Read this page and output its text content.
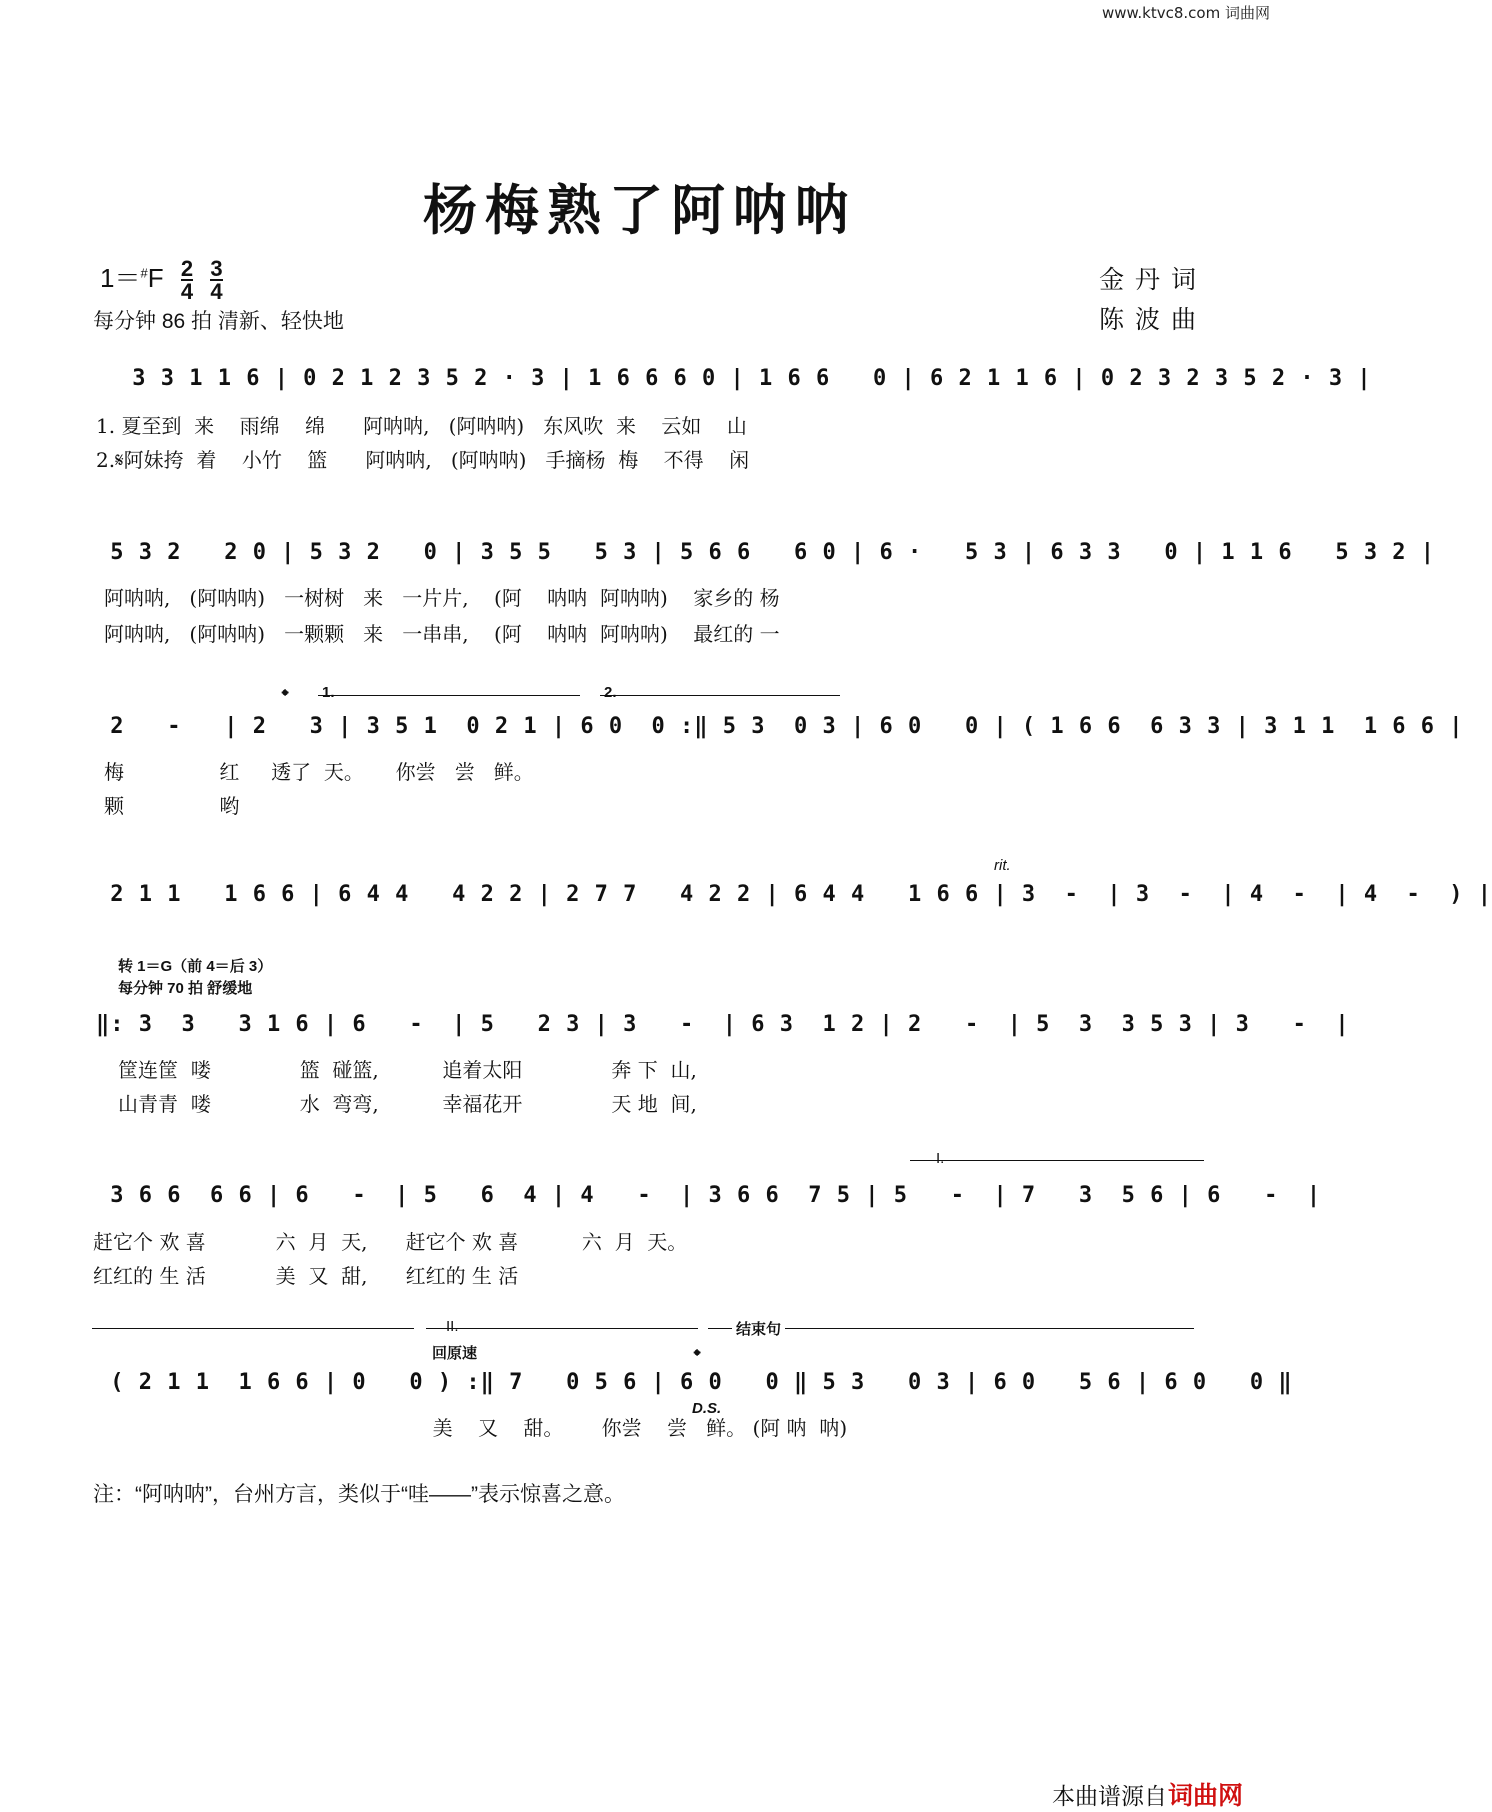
www.ktvc8.com 词曲网
杨梅熟了阿呐呐
$1=^{\#}F \frac{2}{4}$
$\frac{3}{4}$
每分钟 86 拍 清新、轻快地
金 丹 词
陈 波 曲
3 3 1 1 6 | 0 2 1 2 3 5 2 · 3 | 1 6 6 6 0 | 1 6 6   0 | 6 2 1 1 6 | 0 2 3 2 3 5 2 · 3 |
1. 夏至到  来    雨绵    绵      阿呐呐,   (阿呐呐)   东风吹  来    云如    山
2.𝄋阿妹挎  着    小竹    篮      阿呐呐,   (阿呐呐)   手摘杨  梅    不得    闲
5 3 2   2 0 | 5 3 2   0 | 3 5 5   5 3 | 5 6 6   6 0 | 6 ·   5 3 | 6 3 3   0 | 1 1 6   5 3 2 |
阿呐呐,   (阿呐呐)   一树树   来   一片片,    (阿    呐呐  阿呐呐)    家乡的 杨
阿呐呐,   (阿呐呐)   一颗颗   来   一串串,    (阿    呐呐  阿呐呐)    最红的 一
1.	2.
𝄌
2   -   | 2   3 | 3 5 1  0 2 1 | 6 0  0 :‖ 5 3  0 3 | 6 0   0 | ( 1 6 6  6 3 3 | 3 1 1  1 6 6 |
梅               红     透了  天。     你尝   尝   鲜。
颗               哟
rit.
2 1 1   1 6 6 | 6 4 4   4 2 2 | 2 7 7   4 2 2 | 6 4 4   1 6 6 | 3  -  | 3  -  | 4  -  | 4  -  ) |
转 1＝G（前 4＝后 3）
每分钟 70 拍 舒缓地
‖: 3  3   3 1 6 | 6   -  | 5   2 3 | 3   -  | 6 3  1 2 | 2   -  | 5  3  3 5 3 | 3   -  |
筐连筐  喽              篮  碰篮,          追着太阳              奔 下  山,
山青青  喽              水  弯弯,          幸福花开              天 地  间,
I.
3 6 6  6 6 | 6   -  | 5   6  4 | 4   -  | 3 6 6  7 5 | 5   -  | 7   3  5 6 | 6   -  |
赶它个 欢 喜           六  月  天,      赶它个 欢 喜          六  月  天。
红红的 生 活           美  又  甜,      红红的 生 活
II.
回原速
结束句
𝄌
D.S.
( 2 1 1  1 6 6 | 0   0 ) :‖ 7   0 5 6 | 6 0   0 ‖ 5 3   0 3 | 6 0   5 6 | 6 0   0 ‖
美    又    甜。      你尝    尝   鲜。 (阿 呐  呐)
注：“阿呐呐”，台州方言，类似于“哇——”表示惊喜之意。
本曲谱源自 词曲网
